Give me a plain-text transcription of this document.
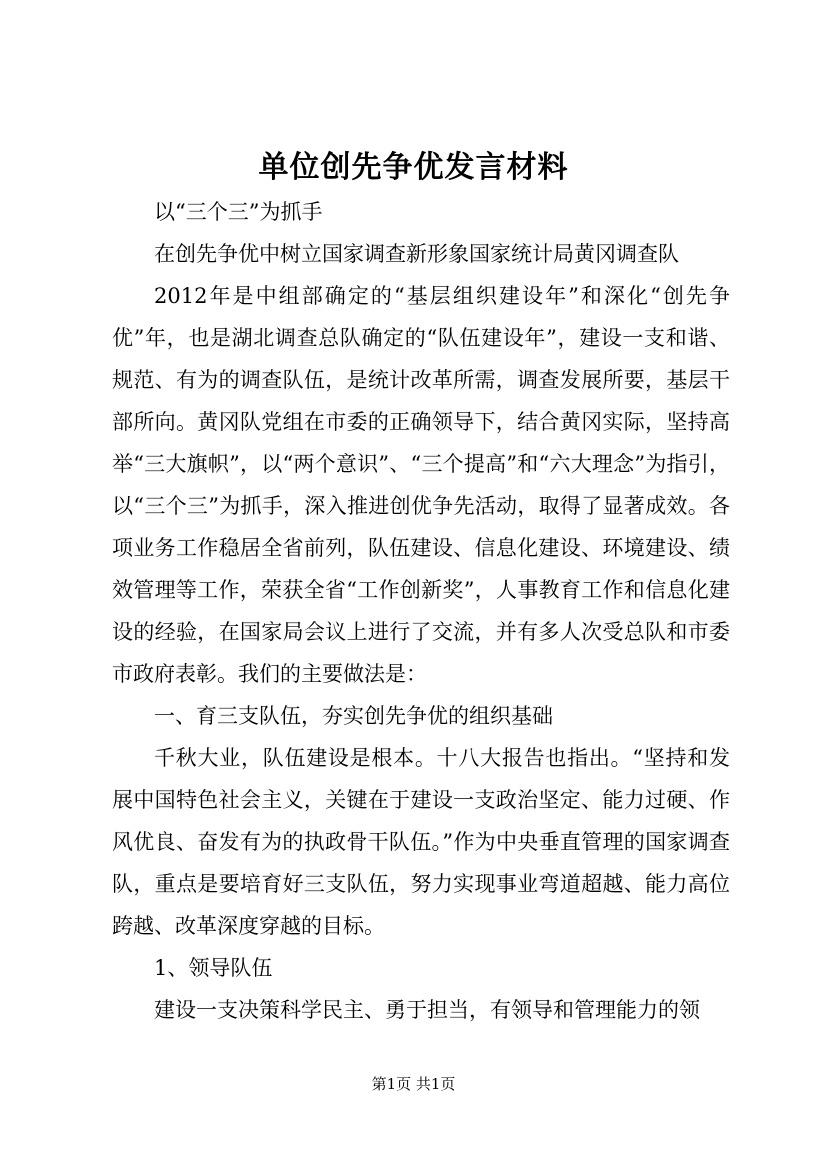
单位创先争优发言材料

以“三个三”为抓手

在创先争优中树立国家调查新形象国家统计局黄冈调查队

2012年是中组部确定的“基层组织建设年”和深化“创先争优”年，也是湖北调查总队确定的“队伍建设年”，建设一支和谐、规范、有为的调查队伍，是统计改革所需，调查发展所要，基层干部所向。黄冈队党组在市委的正确领导下，结合黄冈实际，坚持高举“三大旗帜”，以“两个意识”、“三个提高”和“六大理念”为指引，以“三个三”为抓手，深入推进创优争先活动，取得了显著成效。各项业务工作稳居全省前列，队伍建设、信息化建设、环境建设、绩效管理等工作，荣获全省“工作创新奖”，人事教育工作和信息化建设的经验，在国家局会议上进行了交流，并有多人次受总队和市委市政府表彰。我们的主要做法是：

一、育三支队伍，夯实创先争优的组织基础

千秋大业，队伍建设是根本。十八大报告也指出。“坚持和发展中国特色社会主义，关键在于建设一支政治坚定、能力过硬、作风优良、奋发有为的执政骨干队伍。”作为中央垂直管理的国家调查队，重点是要培育好三支队伍，努力实现事业弯道超越、能力高位跨越、改革深度穿越的目标。

1、领导队伍

建设一支决策科学民主、勇于担当，有领导和管理能力的领

第1页 共1页
